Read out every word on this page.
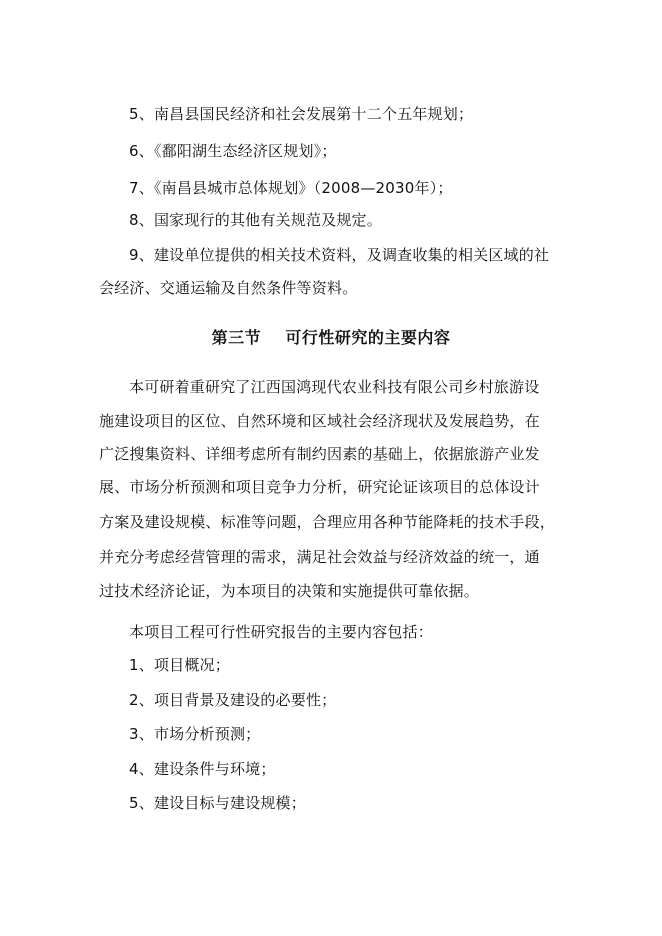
5、南昌县国民经济和社会发展第十二个五年规划；
6、《鄱阳湖生态经济区规划》；
7、《南昌县城市总体规划》（2008—2030年）；
8、国家现行的其他有关规范及规定。
9、建设单位提供的相关技术资料，及调查收集的相关区域的社
会经济、交通运输及自然条件等资料。
第三节    可行性研究的主要内容
本可研着重研究了江西国鸿现代农业科技有限公司乡村旅游设
施建设项目的区位、自然环境和区域社会经济现状及发展趋势，在
广泛搜集资料、详细考虑所有制约因素的基础上，依据旅游产业发
展、市场分析预测和项目竞争力分析，研究论证该项目的总体设计
方案及建设规模、标准等问题，合理应用各种节能降耗的技术手段，
并充分考虑经营管理的需求，满足社会效益与经济效益的统一，通
过技术经济论证，为本项目的决策和实施提供可靠依据。
本项目工程可行性研究报告的主要内容包括：
1、项目概况；
2、项目背景及建设的必要性；
3、市场分析预测；
4、建设条件与环境；
5、建设目标与建设规模；
